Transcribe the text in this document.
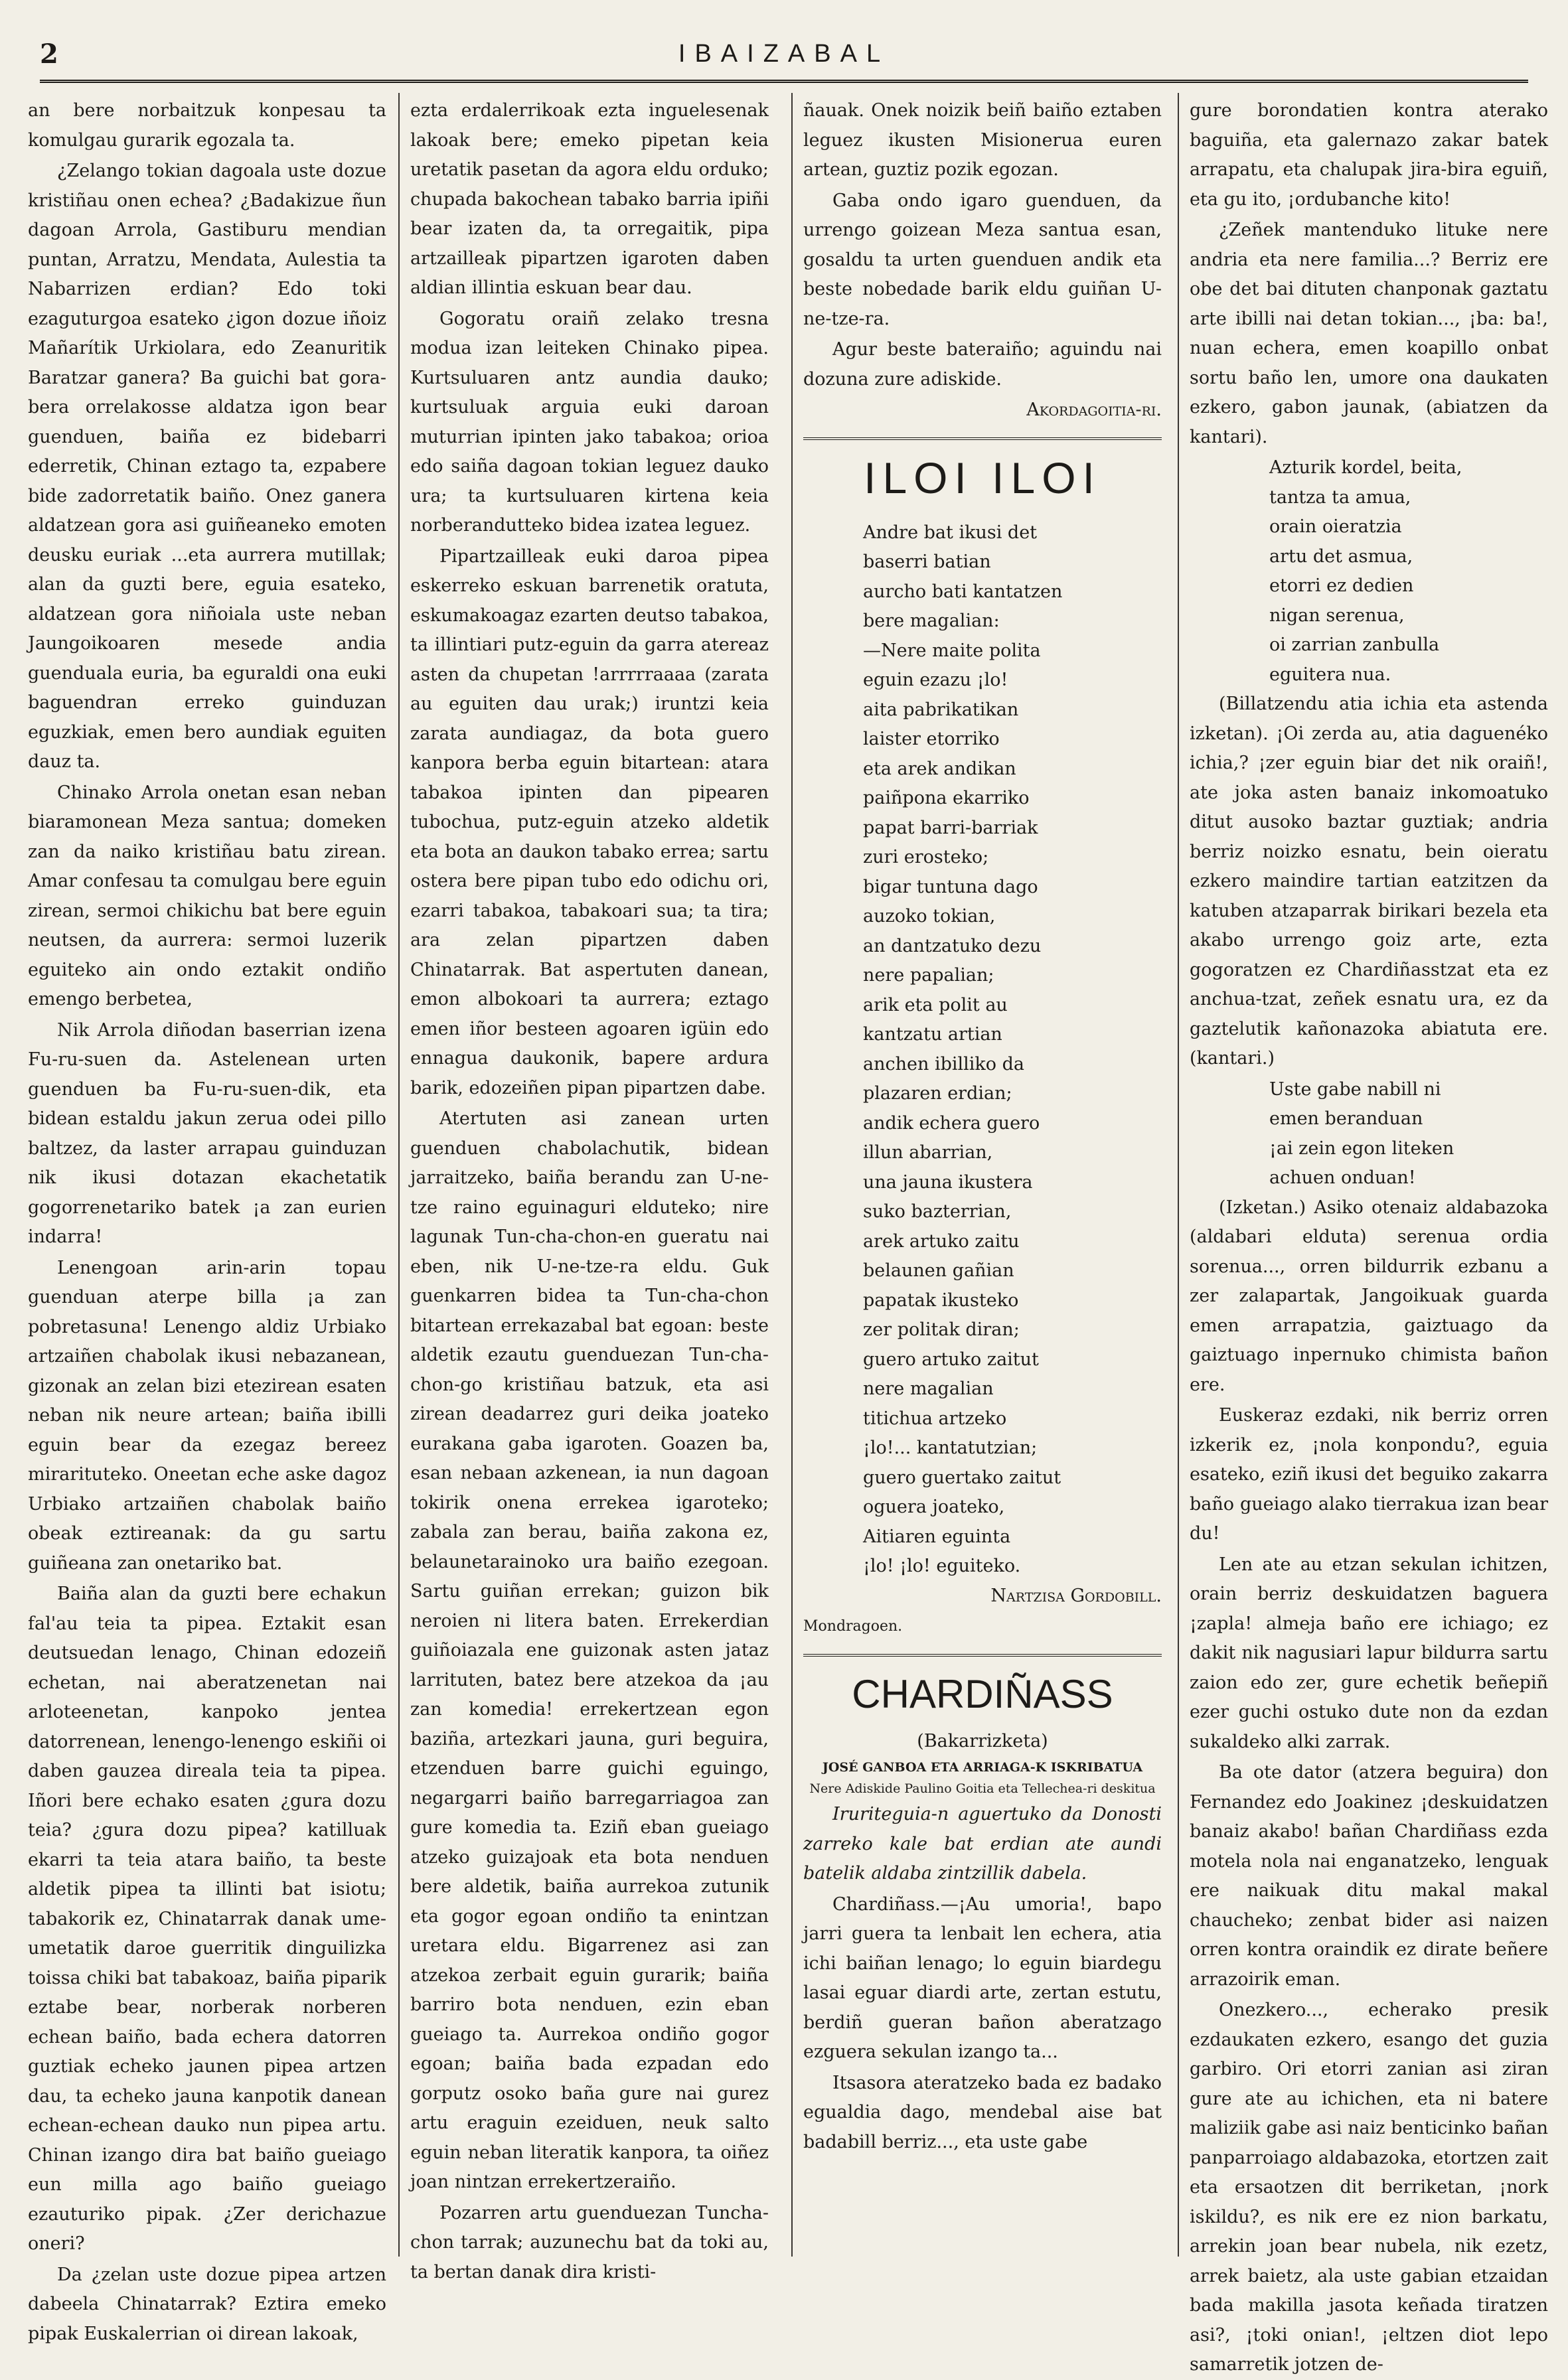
2	IBAIZABAL

an bere norbaitzuk konpesau ta komulgau gurarik egozala ta.

¿Zelango tokian dagoala uste dozue kristiñau onen echea? ¿Badakizue ñun dagoan Arrola, Gastiburu mendian puntan, Arratzu, Mendata, Aulestia ta Nabarrizen erdian? Edo toki ezaguturgoa esateko ¿igon dozue iñoiz Mañarítik Urkiolara, edo Zeanuritik Baratzar ganera? Ba guichi bat gora-bera orrelakosse aldatza igon bear guenduen, baiña ez bidebarri ederretik, Chinan eztago ta, ezpabere bide zadorretatik baiño. Onez ganera aldatzean gora asi guiñeaneko emoten deusku euriak ...eta aurrera mutillak; alan da guzti bere, eguia esateko, aldatzean gora niñoiala uste neban Jaungoikoaren mesede andia guenduala euria, ba eguraldi ona euki baguendran erreko guinduzan eguzkiak, emen bero aundiak eguiten dauz ta.

Chinako Arrola onetan esan neban biaramonean Meza santua; domeken zan da naiko kristiñau batu zirean. Amar confesau ta comulgau bere eguin zirean, sermoi chikichu bat bere eguin neutsen, da aurrera: sermoi luzerik eguiteko ain ondo eztakit ondiño emengo berbetea,

Nik Arrola diñodan baserrian izena Fu-ru-suen da. Astelenean urten guenduen ba Fu-ru-suen-dik, eta bidean estaldu jakun zerua odei pillo baltzez, da laster arrapau guinduzan nik ikusi dotazan ekachetatik gogorrenetariko batek ¡a zan eurien indarra!

Lenengoan arin-arin topau guenduan aterpe billa ¡a zan pobretasuna! Lenengo aldiz Urbiako artzaiñen chabolak ikusi nebazanean, gizonak an zelan bizi etezirean esaten neban nik neure artean; baiña ibilli eguin bear da ezegaz bereez mirarituteko. Oneetan eche aske dagoz Urbiako artzaiñen chabolak baiño obeak eztireanak: da gu sartu guiñeana zan onetariko bat.

Baiña alan da guzti bere echakun fal'au teia ta pipea. Eztakit esan deutsuedan lenago, Chinan edozeiñ echetan, nai aberatzenetan nai arloteenetan, kanpoko jentea datorrenean, lenengo-lenengo eskiñi oi daben gauzea direala teia ta pipea. Iñori bere echako esaten ¿gura dozu teia? ¿gura dozu pipea? katilluak ekarri ta teia atara baiño, ta beste aldetik pipea ta illinti bat isiotu; tabakorik ez, Chinatarrak danak ume-umetatik daroe guerritik dinguilizka toissa chiki bat tabakoaz, baiña piparik eztabe bear, norberak norberen echean baiño, bada echera datorren guztiak echeko jaunen pipea artzen dau, ta echeko jauna kanpotik danean echean-echean dauko nun pipea artu. Chinan izango dira bat baiño gueiago eun milla ago baiño gueiago ezauturiko pipak. ¿Zer derichazue oneri?

Da ¿zelan uste dozue pipea artzen dabeela Chinatarrak? Eztira emeko pipak Euskalerrian oi direan lakoak,

ezta erdalerrikoak ezta inguelesenak lakoak bere; emeko pipetan keia uretatik pasetan da agora eldu orduko; chupada bakochean tabako barria ipiñi bear izaten da, ta orregaitik, pipa artzailleak pipartzen igaroten daben aldian illintia eskuan bear dau.

Gogoratu oraiñ zelako tresna modua izan leiteken Chinako pipea. Kurtsuluaren antz aundia dauko; kurtsuluak arguia euki daroan muturrian ipinten jako tabakoa; orioa edo saiña dagoan tokian leguez dauko ura; ta kurtsuluaren kirtena keia norberandutteko bidea izatea leguez.

Pipartzailleak euki daroa pipea eskerreko eskuan barrenetik oratuta, eskumakoagaz ezarten deutso tabakoa, ta illintiari putz-eguin da garra atereaz asten da chupetan !arrrrraaaa (zarata au eguiten dau urak;) iruntzi keia zarata aundiagaz, da bota guero kanpora berba eguin bitartean: atara tabakoa ipinten dan pipearen tubochua, putz-eguin atzeko aldetik eta bota an daukon tabako errea; sartu ostera bere pipan tubo edo odichu ori, ezarri tabakoa, tabakoari sua; ta tira; ara zelan pipartzen daben Chinatarrak. Bat aspertuten danean, emon albokoari ta aurrera; eztago emen iñor besteen agoaren igüin edo ennagua daukonik, bapere ardura barik, edozeiñen pipan pipartzen dabe.

Atertuten asi zanean urten guenduen chabolachutik, bidean jarraitzeko, baiña berandu zan U-ne-tze raino eguinaguri elduteko; nire lagunak Tun-cha-chon-en gueratu nai eben, nik U-ne-tze-ra eldu. Guk guenkarren bidea ta Tun-cha-chon bitartean errekazabal bat egoan: beste aldetik ezautu guenduezan Tun-cha-chon-go kristiñau batzuk, eta asi zirean deadarrez guri deika joateko eurakana gaba igaroten. Goazen ba, esan nebaan azkenean, ia nun dagoan tokirik onena errekea igaroteko; zabala zan berau, baiña zakona ez, belaunetarainoko ura baiño ezegoan. Sartu guiñan errekan; guizon bik neroien ni litera baten. Errekerdian guiñoiazala ene guizonak asten jataz larrituten, batez bere atzekoa da ¡au zan komedia! errekertzean egon baziña, artezkari jauna, guri beguira, etzenduen barre guichi eguingo, negargarri baiño barregarriagoa zan gure komedia ta. Eziñ eban gueiago atzeko guizajoak eta bota nenduen bere aldetik, baiña aurrekoa zutunik eta gogor egoan ondiño ta enintzan uretara eldu. Bigarrenez asi zan atzekoa zerbait eguin gurarik; baiña barriro bota nenduen, ezin eban gueiago ta. Aurrekoa ondiño gogor egoan; baiña bada ezpadan edo gorputz osoko baña gure nai gurez artu eraguin ezeiduen, neuk salto eguin neban literatik kanpora, ta oiñez joan nintzan errekertzeraiño.

Pozarren artu guenduezan Tuncha-chon tarrak; auzunechu bat da toki au, ta bertan danak dira kristi-

ñauak. Onek noizik beiñ baiño eztaben leguez ikusten Misionerua euren artean, guztiz pozik egozan.

Gaba ondo igaro guenduen, da urrengo goizean Meza santua esan, gosaldu ta urten guenduen andik eta beste nobedade barik eldu guiñan U-ne-tze-ra.

Agur beste bateraiño; aguindu nai dozuna zure adiskide.

Akordagoitia-ri.

ILOI ILOI
Andre bat ikusi det
baserri batian
aurcho bati kantatzen
bere magalian:
—Nere maite polita
eguin ezazu ¡lo!
aita pabrikatikan
laister etorriko
eta arek andikan
paiñpona ekarriko
papat barri-barriak
zuri erosteko;
bigar tuntuna dago
auzoko tokian,
an dantzatuko dezu
nere papalian;
arik eta polit au
kantzatu artian
anchen ibilliko da
plazaren erdian;
andik echera guero
illun abarrian,
una jauna ikustera
suko bazterrian,
arek artuko zaitu
belaunen gañian
papatak ikusteko
zer politak diran;
guero artuko zaitut
nere magalian
titichua artzeko
¡lo!... kantatutzian;
guero guertako zaitut
oguera joateko,
Aitiaren eguinta
¡lo! ¡lo! eguiteko.

Nartzisa Gordobill.

Mondragoen.

CHARDIÑASS

(Bakarrizketa)

JOSÉ GANBOA ETA ARRIAGA-K ISKRIBATUA

Nere Adiskide Paulino Goitia eta Tellechea-ri deskitua

Iruriteguia-n aguertuko da Donosti zarreko kale bat erdian ate aundi batelik aldaba zintzillik dabela.

Chardiñass.—¡Au umoria!, bapo jarri guera ta lenbait len echera, atia ichi baiñan lenago; lo eguin biardegu lasai eguar diardi arte, zertan estutu, berdiñ gueran bañon aberatzago ezguera sekulan izango ta...

Itsasora ateratzeko bada ez badako egualdia dago, mendebal aise bat badabill berriz..., eta uste gabe

gure borondatien kontra aterako baguiña, eta galernazo zakar batek arrapatu, eta chalupak jira-bira eguiñ, eta gu ito, ¡ordubanche kito!

¿Zeñek mantenduko lituke nere andria eta nere familia...? Berriz ere obe det bai dituten chanponak gaztatu arte ibilli nai detan tokian..., ¡ba: ba!, nuan echera, emen koapillo onbat sortu baño len, umore ona daukaten ezkero, gabon jaunak, (abiatzen da kantari).

Azturik kordel, beita,
tantza ta amua,
orain oieratzia
artu det asmua,
etorri ez dedien
nigan serenua,
oi zarrian zanbulla
eguitera nua.

(Billatzendu atia ichia eta astenda izketan). ¡Oi zerda au, atia daguenéko ichia,? ¡zer eguin biar det nik oraiñ!, ate joka asten banaiz inkomoatuko ditut ausoko baztar guztiak; andria berriz noizko esnatu, bein oieratu ezkero maindire tartian eatzitzen da katuben atzaparrak birikari bezela eta akabo urrengo goiz arte, ezta gogoratzen ez Chardiñasstzat eta ez anchua-tzat, zeñek esnatu ura, ez da gaztelutik kañonazoka abiatuta ere. (kantari.)

Uste gabe nabill ni
emen beranduan
¡ai zein egon liteken
achuen onduan!

(Izketan.) Asiko otenaiz aldabazoka (aldabari elduta) serenua ordia sorenua..., orren bildurrik ezbanu a zer zalapartak, Jangoikuak guarda emen arrapatzia, gaiztuago da gaiztuago inpernuko chimista bañon ere.

Euskeraz ezdaki, nik berriz orren izkerik ez, ¡nola konpondu?, eguia esateko, eziñ ikusi det beguiko zakarra baño gueiago alako tierrakua izan bear du!

Len ate au etzan sekulan ichitzen, orain berriz deskuidatzen baguera ¡zapla! almeja baño ere ichiago; ez dakit nik nagusiari lapur bildurra sartu zaion edo zer, gure echetik beñepiñ ezer guchi ostuko dute non da ezdan sukaldeko alki zarrak.

Ba ote dator (atzera beguira) don Fernandez edo Joakinez ¡deskuidatzen banaiz akabo! bañan Chardiñass ezda motela nola nai enganatzeko, lenguak ere naikuak ditu makal makal chaucheko; zenbat bider asi naizen orren kontra oraindik ez dirate beñere arrazoirik eman.

Onezkero..., echerako presik ezdaukaten ezkero, esango det guzia garbiro. Ori etorri zanian asi ziran gure ate au ichichen, eta ni batere maliziik gabe asi naiz benticinko bañan panparroiago aldabazoka, etortzen zait eta ersaotzen dit berriketan, ¡nork iskildu?, es nik ere ez nion barkatu, arrekin joan bear nubela, nik ezetz, arrek baietz, ala uste gabian etzaidan bada makilla jasota keñada tiratzen asi?, ¡toki onian!, ¡eltzen diot lepo samarretik jotzen de-
